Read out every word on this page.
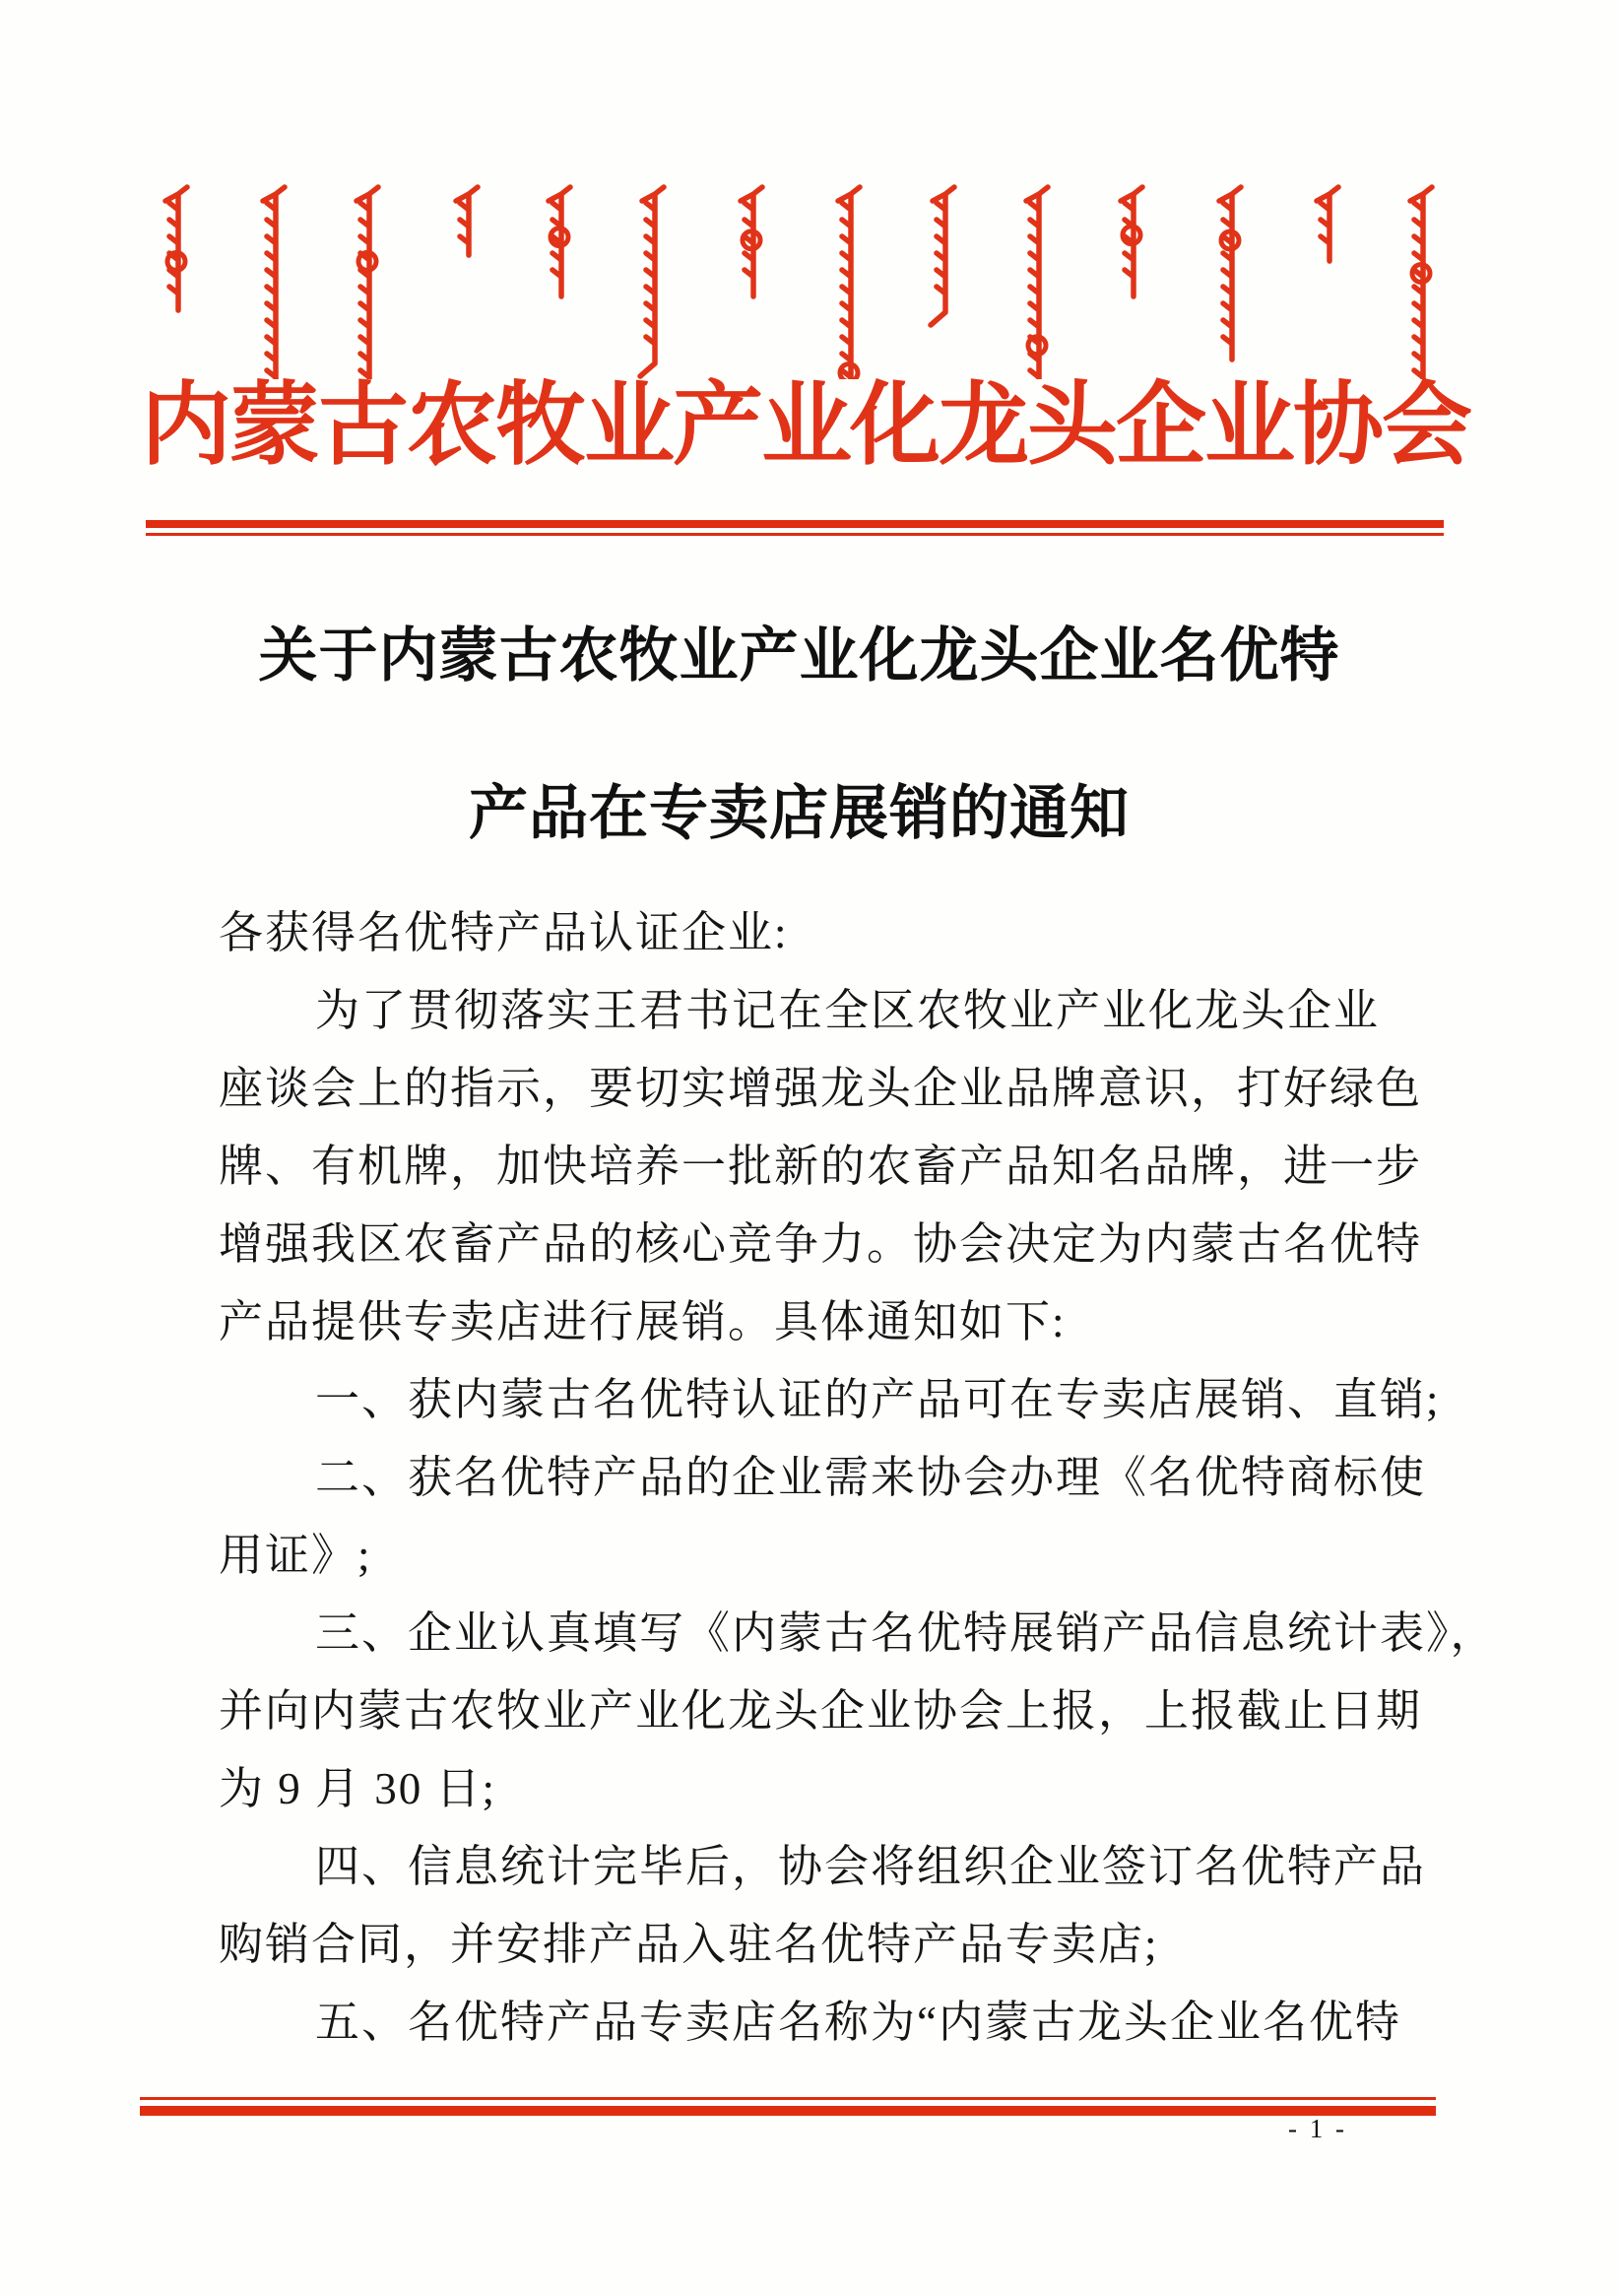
内蒙古农牧业产业化龙头企业协会
关于内蒙古农牧业产业化龙头企业名优特
产品在专卖店展销的通知
各获得名优特产品认证企业:
为了贯彻落实王君书记在全区农牧业产业化龙头企业
座谈会上的指示，要切实增强龙头企业品牌意识，打好绿色
牌、有机牌，加快培养一批新的农畜产品知名品牌，进一步
增强我区农畜产品的核心竞争力。协会决定为内蒙古名优特
产品提供专卖店进行展销。具体通知如下:
一、获内蒙古名优特认证的产品可在专卖店展销、直销;
二、获名优特产品的企业需来协会办理《名优特商标使
用证》;
三、企业认真填写《内蒙古名优特展销产品信息统计表》，
并向内蒙古农牧业产业化龙头企业协会上报，上报截止日期
为 9 月 30 日;
四、信息统计完毕后，协会将组织企业签订名优特产品
购销合同，并安排产品入驻名优特产品专卖店;
五、名优特产品专卖店名称为“内蒙古龙头企业名优特
- 1 -
